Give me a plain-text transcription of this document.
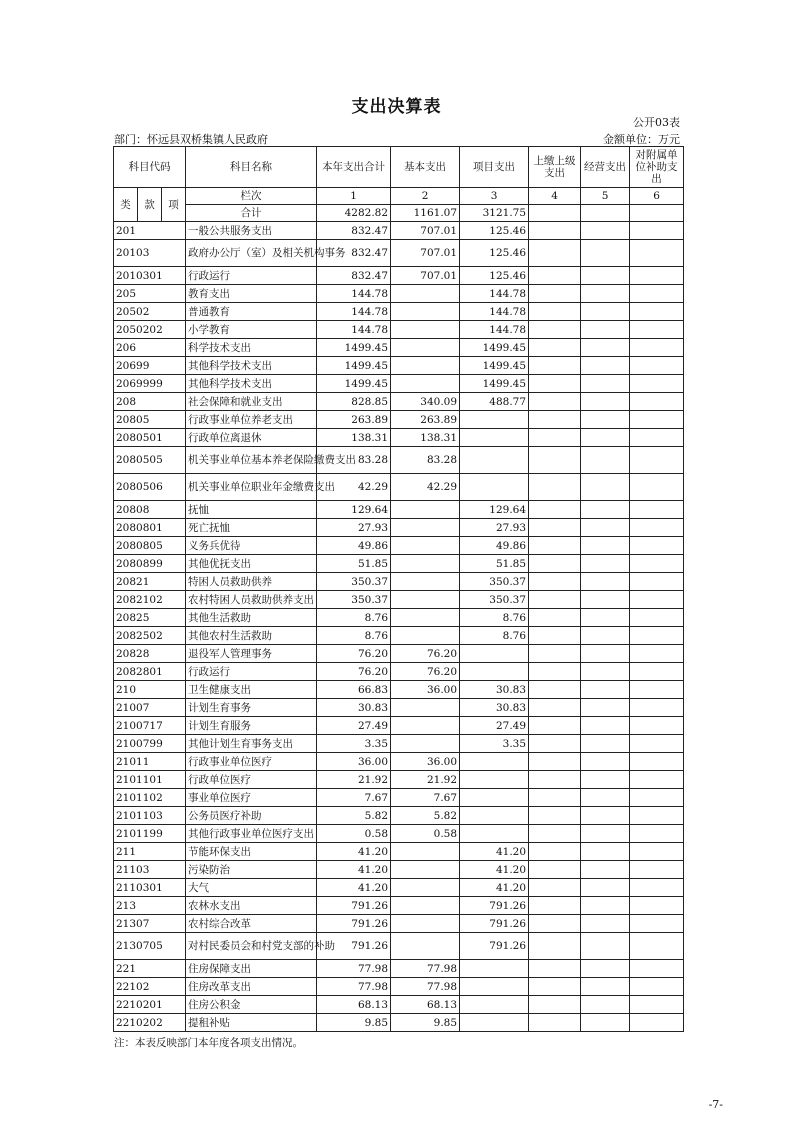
支出决算表
公开03表
部门：怀远县双桥集镇人民政府	金额单位：万元
科目代码			科目名称	本年支出合计	基本支出	项目支出	上缴上级支出	经营支出	对附属单位补助支出
类	款	项	栏次	1	2	3	4	5	6
			合计	4282.82	1161.07	3121.75			
201			一般公共服务支出	832.47	707.01	125.46			
20103			政府办公厅（室）及相关机构事务	832.47	707.01	125.46			
2010301			行政运行	832.47	707.01	125.46			
205			教育支出	144.78		144.78			
20502			普通教育	144.78		144.78			
2050202			小学教育	144.78		144.78			
206			科学技术支出	1499.45		1499.45			
20699			其他科学技术支出	1499.45		1499.45			
2069999			其他科学技术支出	1499.45		1499.45			
208			社会保障和就业支出	828.85	340.09	488.77			
20805			行政事业单位养老支出	263.89	263.89				
2080501			行政单位离退休	138.31	138.31				
2080505			机关事业单位基本养老保险缴费支出	83.28	83.28				
2080506			机关事业单位职业年金缴费支出	42.29	42.29				
20808			抚恤	129.64		129.64			
2080801			死亡抚恤	27.93		27.93			
2080805			义务兵优待	49.86		49.86			
2080899			其他优抚支出	51.85		51.85			
20821			特困人员救助供养	350.37		350.37			
2082102			农村特困人员救助供养支出	350.37		350.37			
20825			其他生活救助	8.76		8.76			
2082502			其他农村生活救助	8.76		8.76			
20828			退役军人管理事务	76.20	76.20				
2082801			行政运行	76.20	76.20				
210			卫生健康支出	66.83	36.00	30.83			
21007			计划生育事务	30.83		30.83			
2100717			计划生育服务	27.49		27.49			
2100799			其他计划生育事务支出	3.35		3.35			
21011			行政事业单位医疗	36.00	36.00				
2101101			行政单位医疗	21.92	21.92				
2101102			事业单位医疗	7.67	7.67				
2101103			公务员医疗补助	5.82	5.82				
2101199			其他行政事业单位医疗支出	0.58	0.58				
211			节能环保支出	41.20		41.20			
21103			污染防治	41.20		41.20			
2110301			大气	41.20		41.20			
213			农林水支出	791.26		791.26			
21307			农村综合改革	791.26		791.26			
2130705			对村民委员会和村党支部的补助	791.26		791.26			
221			住房保障支出	77.98	77.98				
22102			住房改革支出	77.98	77.98				
2210201			住房公积金	68.13	68.13				
2210202			提租补贴	9.85	9.85				
注：本表反映部门本年度各项支出情况。
-7-
